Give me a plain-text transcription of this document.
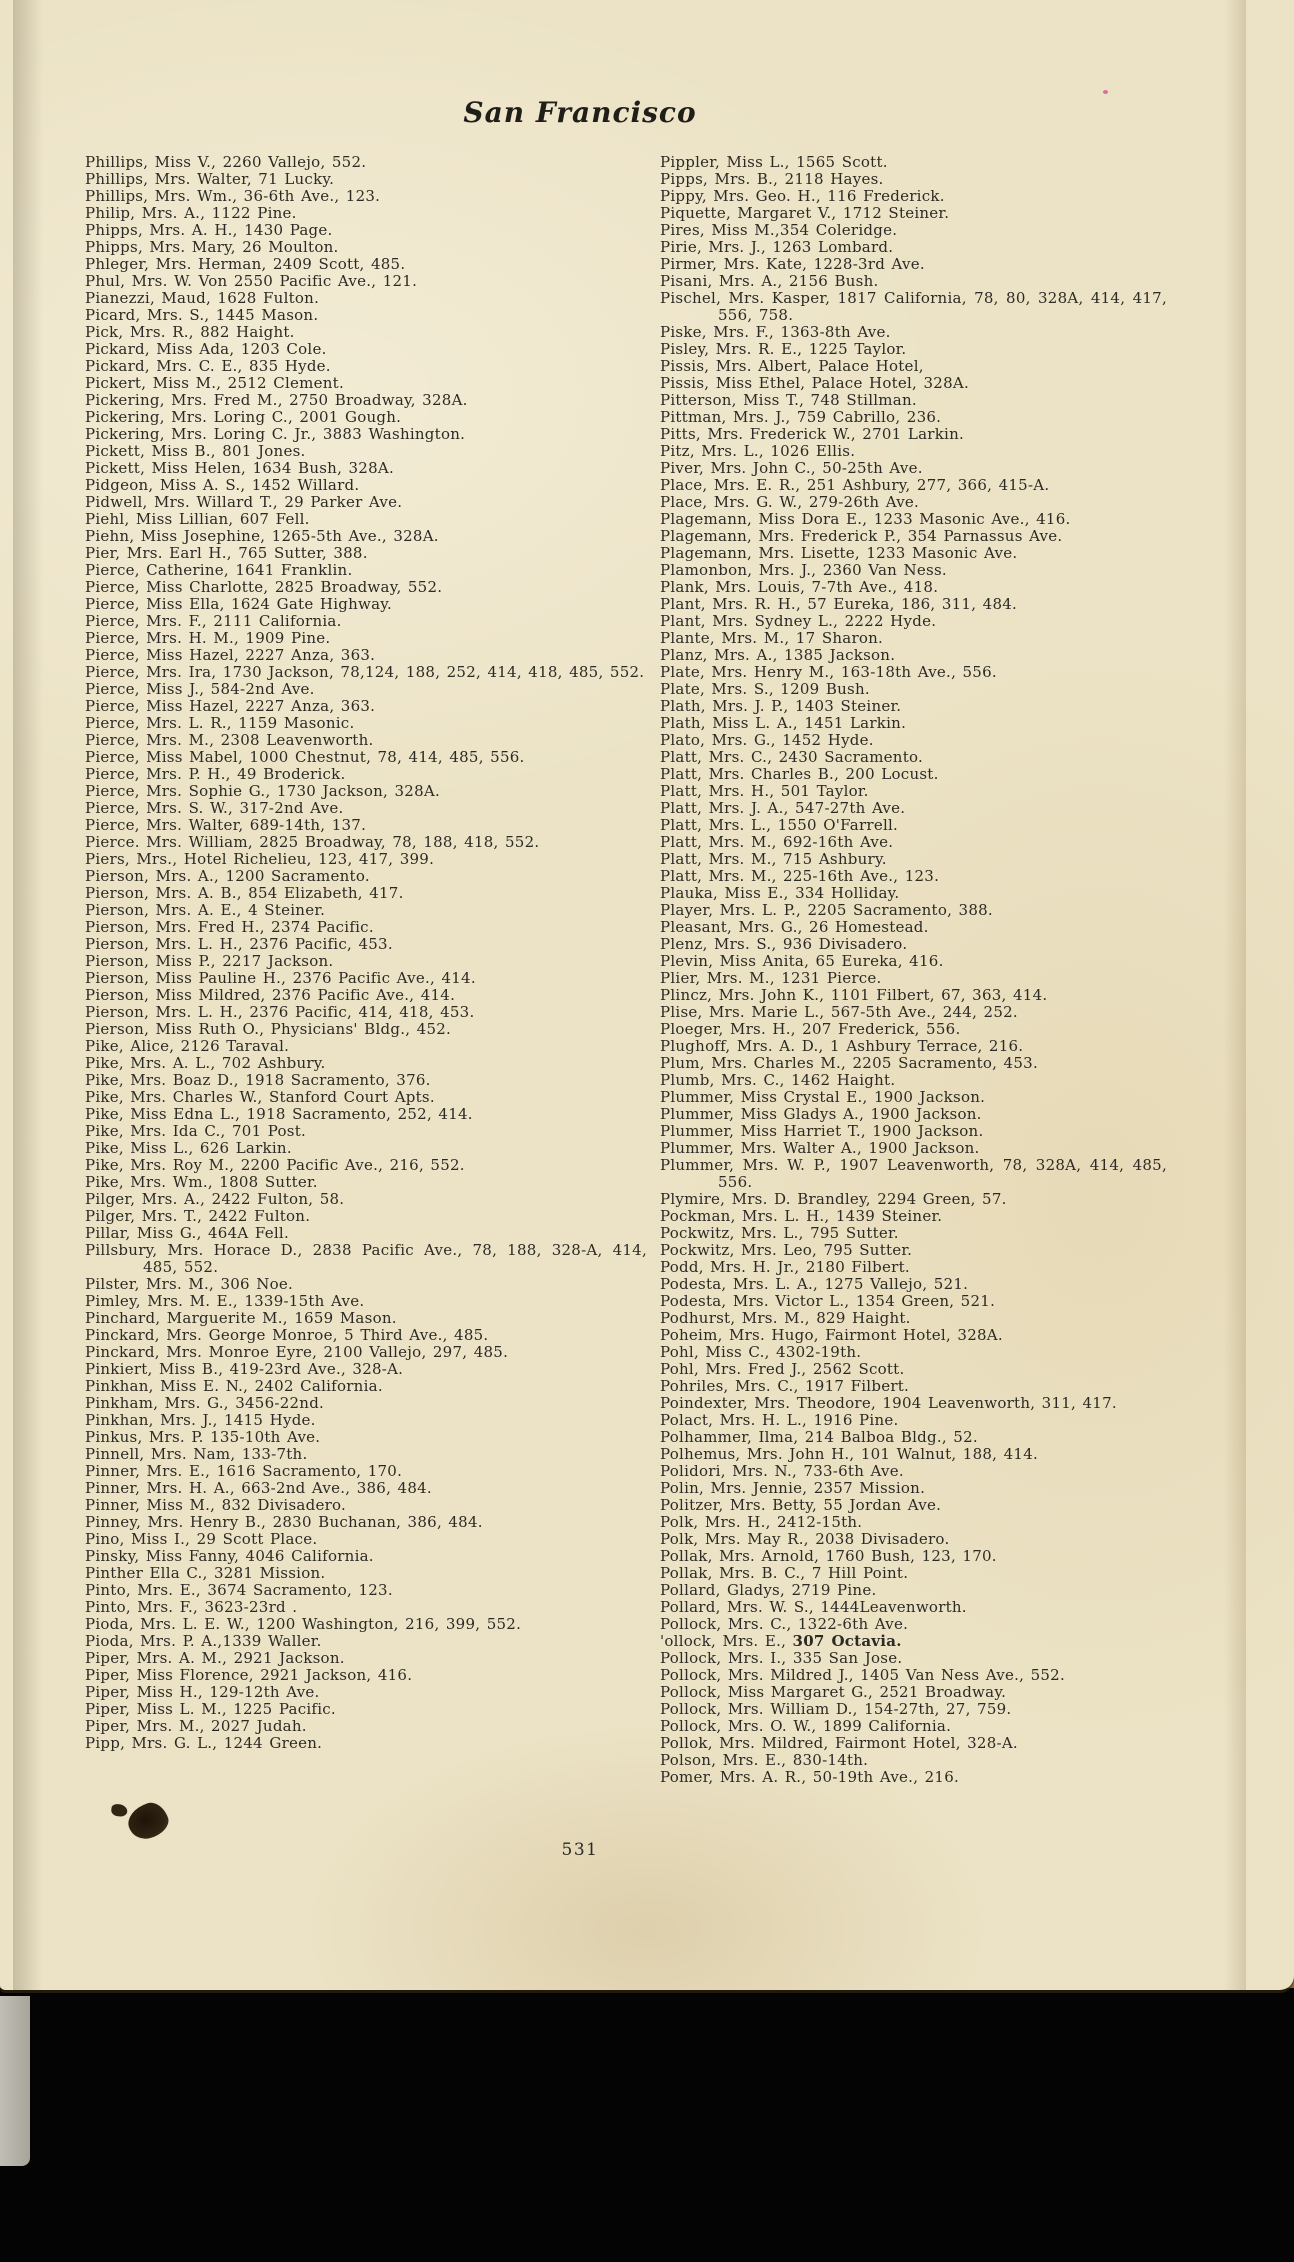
San Francisco

Phillips, Miss V., 2260 Vallejo, 552.

Phillips, Mrs. Walter, 71 Lucky.

Phillips, Mrs. Wm., 36-6th Ave., 123.

Philip, Mrs. A., 1122 Pine.

Phipps, Mrs. A. H., 1430 Page.

Phipps, Mrs. Mary, 26 Moulton.

Phleger, Mrs. Herman, 2409 Scott, 485.

Phul, Mrs. W. Von 2550 Pacific Ave., 121.

Pianezzi, Maud, 1628 Fulton.

Picard, Mrs. S., 1445 Mason.

Pick, Mrs. R., 882 Haight.

Pickard, Miss Ada, 1203 Cole.

Pickard, Mrs. C. E., 835 Hyde.

Pickert, Miss M., 2512 Clement.

Pickering, Mrs. Fred M., 2750 Broadway, 328A.

Pickering, Mrs. Loring C., 2001 Gough.

Pickering, Mrs. Loring C. Jr., 3883 Washington.

Pickett, Miss B., 801 Jones.

Pickett, Miss Helen, 1634 Bush, 328A.

Pidgeon, Miss A. S., 1452 Willard.

Pidwell, Mrs. Willard T., 29 Parker Ave.

Piehl, Miss Lillian, 607 Fell.

Piehn, Miss Josephine, 1265-5th Ave., 328A.

Pier, Mrs. Earl H., 765 Sutter, 388.

Pierce, Catherine, 1641 Franklin.

Pierce, Miss Charlotte, 2825 Broadway, 552.

Pierce, Miss Ella, 1624 Gate Highway.

Pierce, Mrs. F., 2111 California.

Pierce, Mrs. H. M., 1909 Pine.

Pierce, Miss Hazel, 2227 Anza, 363.

Pierce, Mrs. Ira, 1730 Jackson, 78,124, 188, 252, 414, 418, 485, 552.

Pierce, Miss J., 584-2nd Ave.

Pierce, Miss Hazel, 2227 Anza, 363.

Pierce, Mrs. L. R., 1159 Masonic.

Pierce, Mrs. M., 2308 Leavenworth.

Pierce, Miss Mabel, 1000 Chestnut, 78, 414, 485, 556.

Pierce, Mrs. P. H., 49 Broderick.

Pierce, Mrs. Sophie G., 1730 Jackson, 328A.

Pierce, Mrs. S. W., 317-2nd Ave.

Pierce, Mrs. Walter, 689-14th, 137.

Pierce. Mrs. William, 2825 Broadway, 78, 188, 418, 552.

Piers, Mrs., Hotel Richelieu, 123, 417, 399.

Pierson, Mrs. A., 1200 Sacramento.

Pierson, Mrs. A. B., 854 Elizabeth, 417.

Pierson, Mrs. A. E., 4 Steiner.

Pierson, Mrs. Fred H., 2374 Pacific.

Pierson, Mrs. L. H., 2376 Pacific, 453.

Pierson, Miss P., 2217 Jackson.

Pierson, Miss Pauline H., 2376 Pacific Ave., 414.

Pierson, Miss Mildred, 2376 Pacific Ave., 414.

Pierson, Mrs. L. H., 2376 Pacific, 414, 418, 453.

Pierson, Miss Ruth O., Physicians' Bldg., 452.

Pike, Alice, 2126 Taraval.

Pike, Mrs. A. L., 702 Ashbury.

Pike, Mrs. Boaz D., 1918 Sacramento, 376.

Pike, Mrs. Charles W., Stanford Court Apts.

Pike, Miss Edna L., 1918 Sacramento, 252, 414.

Pike, Mrs. Ida C., 701 Post.

Pike, Miss L., 626 Larkin.

Pike, Mrs. Roy M., 2200 Pacific Ave., 216, 552.

Pike, Mrs. Wm., 1808 Sutter.

Pilger, Mrs. A., 2422 Fulton, 58.

Pilger, Mrs. T., 2422 Fulton.

Pillar, Miss G., 464A Fell.

Pillsbury, Mrs. Horace D., 2838 Pacific Ave., 78, 188, 328-A, 414, 485, 552.

Pilster, Mrs. M., 306 Noe.

Pimley, Mrs. M. E., 1339-15th Ave.

Pinchard, Marguerite M., 1659 Mason.

Pinckard, Mrs. George Monroe, 5 Third Ave., 485.

Pinckard, Mrs. Monroe Eyre, 2100 Vallejo, 297, 485.

Pinkiert, Miss B., 419-23rd Ave., 328-A.

Pinkhan, Miss E. N., 2402 California.

Pinkham, Mrs. G., 3456-22nd.

Pinkhan, Mrs. J., 1415 Hyde.

Pinkus, Mrs. P. 135-10th Ave.

Pinnell, Mrs. Nam, 133-7th.

Pinner, Mrs. E., 1616 Sacramento, 170.

Pinner, Mrs. H. A., 663-2nd Ave., 386, 484.

Pinner, Miss M., 832 Divisadero.

Pinney, Mrs. Henry B., 2830 Buchanan, 386, 484.

Pino, Miss I., 29 Scott Place.

Pinsky, Miss Fanny, 4046 California.

Pinther Ella C., 3281 Mission.

Pinto, Mrs. E., 3674 Sacramento, 123.

Pinto, Mrs. F., 3623-23rd .

Pioda, Mrs. L. E. W., 1200 Washington, 216, 399, 552.

Pioda, Mrs. P. A.,1339 Waller.

Piper, Mrs. A. M., 2921 Jackson.

Piper, Miss Florence, 2921 Jackson, 416.

Piper, Miss H., 129-12th Ave.

Piper, Miss L. M., 1225 Pacific.

Piper, Mrs. M., 2027 Judah.

Pipp, Mrs. G. L., 1244 Green.

Pippler, Miss L., 1565 Scott.

Pipps, Mrs. B., 2118 Hayes.

Pippy, Mrs. Geo. H., 116 Frederick.

Piquette, Margaret V., 1712 Steiner.

Pires, Miss M.,354 Coleridge.

Pirie, Mrs. J., 1263 Lombard.

Pirmer, Mrs. Kate, 1228-3rd Ave.

Pisani, Mrs. A., 2156 Bush.

Pischel, Mrs. Kasper, 1817 California, 78, 80, 328A, 414, 417, 556, 758.

Piske, Mrs. F., 1363-8th Ave.

Pisley, Mrs. R. E., 1225 Taylor.

Pissis, Mrs. Albert, Palace Hotel,

Pissis, Miss Ethel, Palace Hotel, 328A.

Pitterson, Miss T., 748 Stillman.

Pittman, Mrs. J., 759 Cabrillo, 236.

Pitts, Mrs. Frederick W., 2701 Larkin.

Pitz, Mrs. L., 1026 Ellis.

Piver, Mrs. John C., 50-25th Ave.

Place, Mrs. E. R., 251 Ashbury, 277, 366, 415-A.

Place, Mrs. G. W., 279-26th Ave.

Plagemann, Miss Dora E., 1233 Masonic Ave., 416.

Plagemann, Mrs. Frederick P., 354 Parnassus Ave.

Plagemann, Mrs. Lisette, 1233 Masonic Ave.

Plamonbon, Mrs. J., 2360 Van Ness.

Plank, Mrs. Louis, 7-7th Ave., 418.

Plant, Mrs. R. H., 57 Eureka, 186, 311, 484.

Plant, Mrs. Sydney L., 2222 Hyde.

Plante, Mrs. M., 17 Sharon.

Planz, Mrs. A., 1385 Jackson.

Plate, Mrs. Henry M., 163-18th Ave., 556.

Plate, Mrs. S., 1209 Bush.

Plath, Mrs. J. P., 1403 Steiner.

Plath, Miss L. A., 1451 Larkin.

Plato, Mrs. G., 1452 Hyde.

Platt, Mrs. C., 2430 Sacramento.

Platt, Mrs. Charles B., 200 Locust.

Platt, Mrs. H., 501 Taylor.

Platt, Mrs. J. A., 547-27th Ave.

Platt, Mrs. L., 1550 O'Farrell.

Platt, Mrs. M., 692-16th Ave.

Platt, Mrs. M., 715 Ashbury.

Platt, Mrs. M., 225-16th Ave., 123.

Plauka, Miss E., 334 Holliday.

Player, Mrs. L. P., 2205 Sacramento, 388.

Pleasant, Mrs. G., 26 Homestead.

Plenz, Mrs. S., 936 Divisadero.

Plevin, Miss Anita, 65 Eureka, 416.

Plier, Mrs. M., 1231 Pierce.

Plincz, Mrs. John K., 1101 Filbert, 67, 363, 414.

Plise, Mrs. Marie L., 567-5th Ave., 244, 252.

Ploeger, Mrs. H., 207 Frederick, 556.

Plughoff, Mrs. A. D., 1 Ashbury Terrace, 216.

Plum, Mrs. Charles M., 2205 Sacramento, 453.

Plumb, Mrs. C., 1462 Haight.

Plummer, Miss Crystal E., 1900 Jackson.

Plummer, Miss Gladys A., 1900 Jackson.

Plummer, Miss Harriet T., 1900 Jackson.

Plummer, Mrs. Walter A., 1900 Jackson.

Plummer, Mrs. W. P., 1907 Leavenworth, 78, 328A, 414, 485, 556.

Plymire, Mrs. D. Brandley, 2294 Green, 57.

Pockman, Mrs. L. H., 1439 Steiner.

Pockwitz, Mrs. L., 795 Sutter.

Pockwitz, Mrs. Leo, 795 Sutter.

Podd, Mrs. H. Jr., 2180 Filbert.

Podesta, Mrs. L. A., 1275 Vallejo, 521.

Podesta, Mrs. Victor L., 1354 Green, 521.

Podhurst, Mrs. M., 829 Haight.

Poheim, Mrs. Hugo, Fairmont Hotel, 328A.

Pohl, Miss C., 4302-19th.

Pohl, Mrs. Fred J., 2562 Scott.

Pohriles, Mrs. C., 1917 Filbert.

Poindexter, Mrs. Theodore, 1904 Leavenworth, 311, 417.

Polact, Mrs. H. L., 1916 Pine.

Polhammer, Ilma, 214 Balboa Bldg., 52.

Polhemus, Mrs. John H., 101 Walnut, 188, 414.

Polidori, Mrs. N., 733-6th Ave.

Polin, Mrs. Jennie, 2357 Mission.

Politzer, Mrs. Betty, 55 Jordan Ave.

Polk, Mrs. H., 2412-15th.

Polk, Mrs. May R., 2038 Divisadero.

Pollak, Mrs. Arnold, 1760 Bush, 123, 170.

Pollak, Mrs. B. C., 7 Hill Point.

Pollard, Gladys, 2719 Pine.

Pollard, Mrs. W. S., 1444Leavenworth.

Pollock, Mrs. C., 1322-6th Ave.

'ollock, Mrs. E., 307 Octavia.

Pollock, Mrs. I., 335 San Jose.

Pollock, Mrs. Mildred J., 1405 Van Ness Ave., 552.

Pollock, Miss Margaret G., 2521 Broadway.

Pollock, Mrs. William D., 154-27th, 27, 759.

Pollock, Mrs. O. W., 1899 California.

Pollok, Mrs. Mildred, Fairmont Hotel, 328-A.

Polson, Mrs. E., 830-14th.

Pomer, Mrs. A. R., 50-19th Ave., 216.

531
